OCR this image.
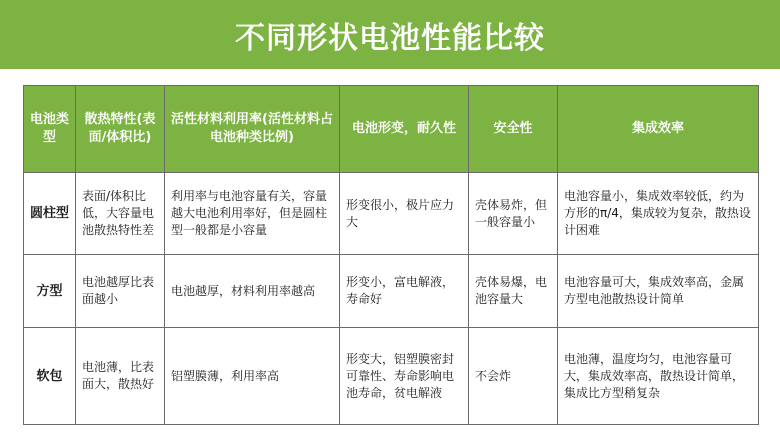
不同形状电池性能比较
电池类型	散热特性(表面/体积比)	活性材料利用率(活性材料占电池种类比例)	电池形变，耐久性	安全性	集成效率
圆柱型	表面/体积比低，大容量电池散热特性差	利用率与电池容量有关，容量越大电池利用率好，但是圆柱型一般都是小容量	形变很小，极片应力大	壳体易炸，但一般容量小	电池容量小，集成效率较低，约为方形的π/4，集成较为复杂，散热设计困难
方型	电池越厚比表面越小	电池越厚，材料利用率越高	形变小，富电解液，寿命好	壳体易爆，电池容量大	电池容量可大，集成效率高，金属方型电池散热设计简单
软包	电池薄，比表面大，散热好	铝塑膜薄，利用率高	形变大，铝塑膜密封可靠性、寿命影响电池寿命，贫电解液	不会炸	电池薄，温度均匀，电池容量可大，集成效率高，散热设计简单，集成比方型稍复杂
